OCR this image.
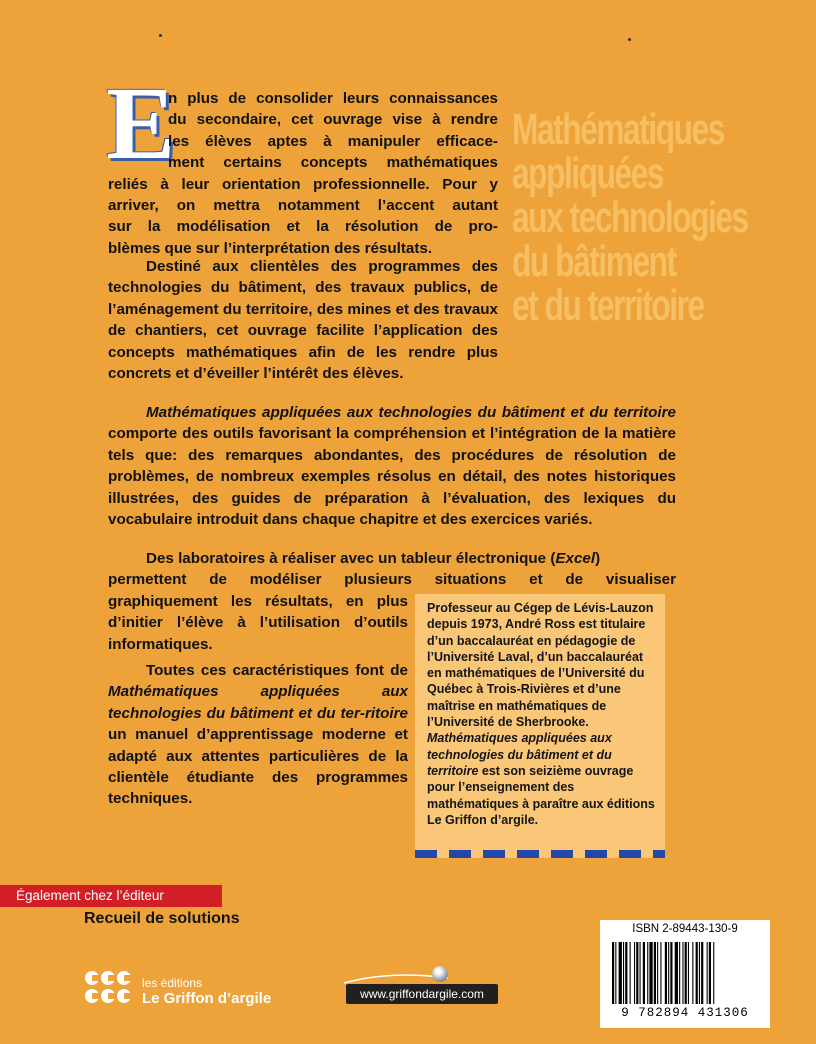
Mathématiques
appliquées
aux technologies
du bâtiment
et du territoire
E
n plus de consolider leurs connaissances
du secondaire, cet ouvrage vise à rendre
les élèves aptes à manipuler efficace-
ment certains concepts mathématiques
reliés à leur orientation professionnelle. Pour y
arriver, on mettra notamment l’accent autant
sur la modélisation et la résolution de pro-
blèmes que sur l’interprétation des résultats.

Destiné aux clientèles des programmes des technologies du bâtiment, des travaux publics, de l’aménagement du territoire, des mines et des travaux de chantiers, cet ouvrage facilite l’application des concepts mathématiques afin de les rendre plus concrets et d’éveiller l’intérêt des élèves.

Mathématiques appliquées aux technologies du bâtiment et du territoire comporte des outils favorisant la compréhension et l’intégration de la matière tels que: des remarques abondantes, des procédures de résolution de problèmes, de nombreux exemples résolus en détail, des notes historiques illustrées, des guides de préparation à l’évaluation, des lexiques du vocabulaire introduit dans chaque chapitre et des exercices variés.

Des laboratoires à réaliser avec un tableur électronique (Excel)

permettent de modéliser plusieurs situations et de visualiser
graphiquement les résultats, en plus d’initier l’élève à l’utilisation d’outils informatiques.

Toutes ces caractéristiques font de Mathématiques appliquées aux technologies du bâtiment et du ter-ritoire un manuel d’apprentissage moderne et adapté aux attentes particulières de la clientèle étudiante des programmes techniques.

Professeur au Cégep de Lévis-Lauzon depuis 1973, André Ross est titulaire d’un baccalauréat en pédagogie de l’Université Laval, d’un baccalauréat en mathématiques de l’Université du Québec à Trois-Rivières et d’une maîtrise en mathématiques de l’Université de Sherbrooke. Mathématiques appliquées aux technologies du bâtiment et du territoire est son seizième ouvrage pour l’enseignement des mathématiques à paraître aux éditions Le Griffon d’argile.
Également chez l’éditeur
Recueil de solutions
les éditions
Le Griffon d’argile	www.griffondargile.com
ISBN 2-89443-130-9
9 782894 431306
